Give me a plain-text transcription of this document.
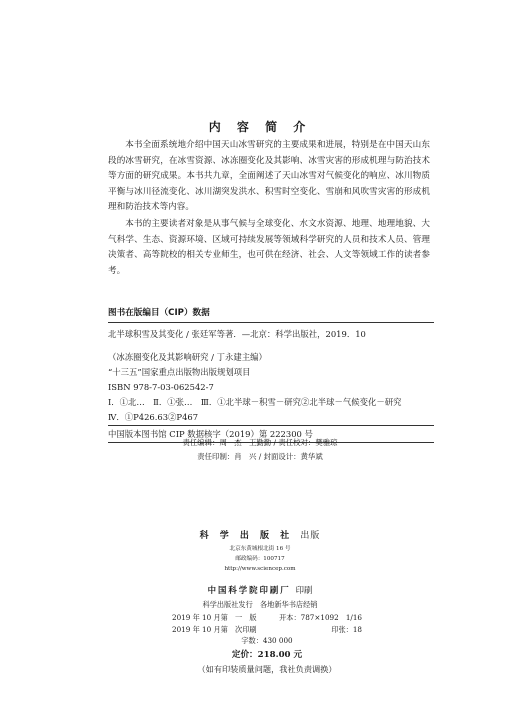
内 容 简 介

本书全面系统地介绍中国天山冰雪研究的主要成果和进展，特别是在中国天山东段的冰雪研究，在冰雪资源、冰冻圈变化及其影响、冰雪灾害的形成机理与防治技术等方面的研究成果。本书共九章，全面阐述了天山冰雪对气候变化的响应、冰川物质平衡与冰川径流变化、冰川湖突发洪水、积雪时空变化、雪崩和风吹雪灾害的形成机理和防治技术等内容。

本书的主要读者对象是从事气候与全球变化、水文水资源、地理、地理地貌、大气科学、生态、资源环境、区域可持续发展等领域科学研究的人员和技术人员、管理决策者、高等院校的相关专业师生，也可供在经济、社会、人文等领域工作的读者参考。

图书在版编目（CIP）数据
北半球积雪及其变化 / 张廷军等著．—北京：科学出版社，2019．10
（冰冻圈变化及其影响研究 / 丁永建主编）
“十三五”国家重点出版物出版规划项目
ISBN 978-7-03-062542-7
Ⅰ．①北…　Ⅱ．①张…　Ⅲ．①北半球－积雪－研究②北半球－气候变化－研究
Ⅳ．①P426.63②P467
中国版本图书馆 CIP 数据核字（2019）第 222300 号
责任编辑：周　杰　王勤勤 / 责任校对：樊雅琼
责任印制：肖　兴 / 封面设计：黄华斌
科 学 出 版 社 出版
北京东黄城根北街 16 号
邮政编码：100717
http://www.sciencep.com
中国科学院印刷厂 印刷
科学出版社发行　各地新华书店经销
2019 年 10 月第　一　版	开本：787×1092　1/16
2019 年 10 月第　次印刷	印张：18
字数：430 000
定价：218.00 元
（如有印装质量问题，我社负责调换）
